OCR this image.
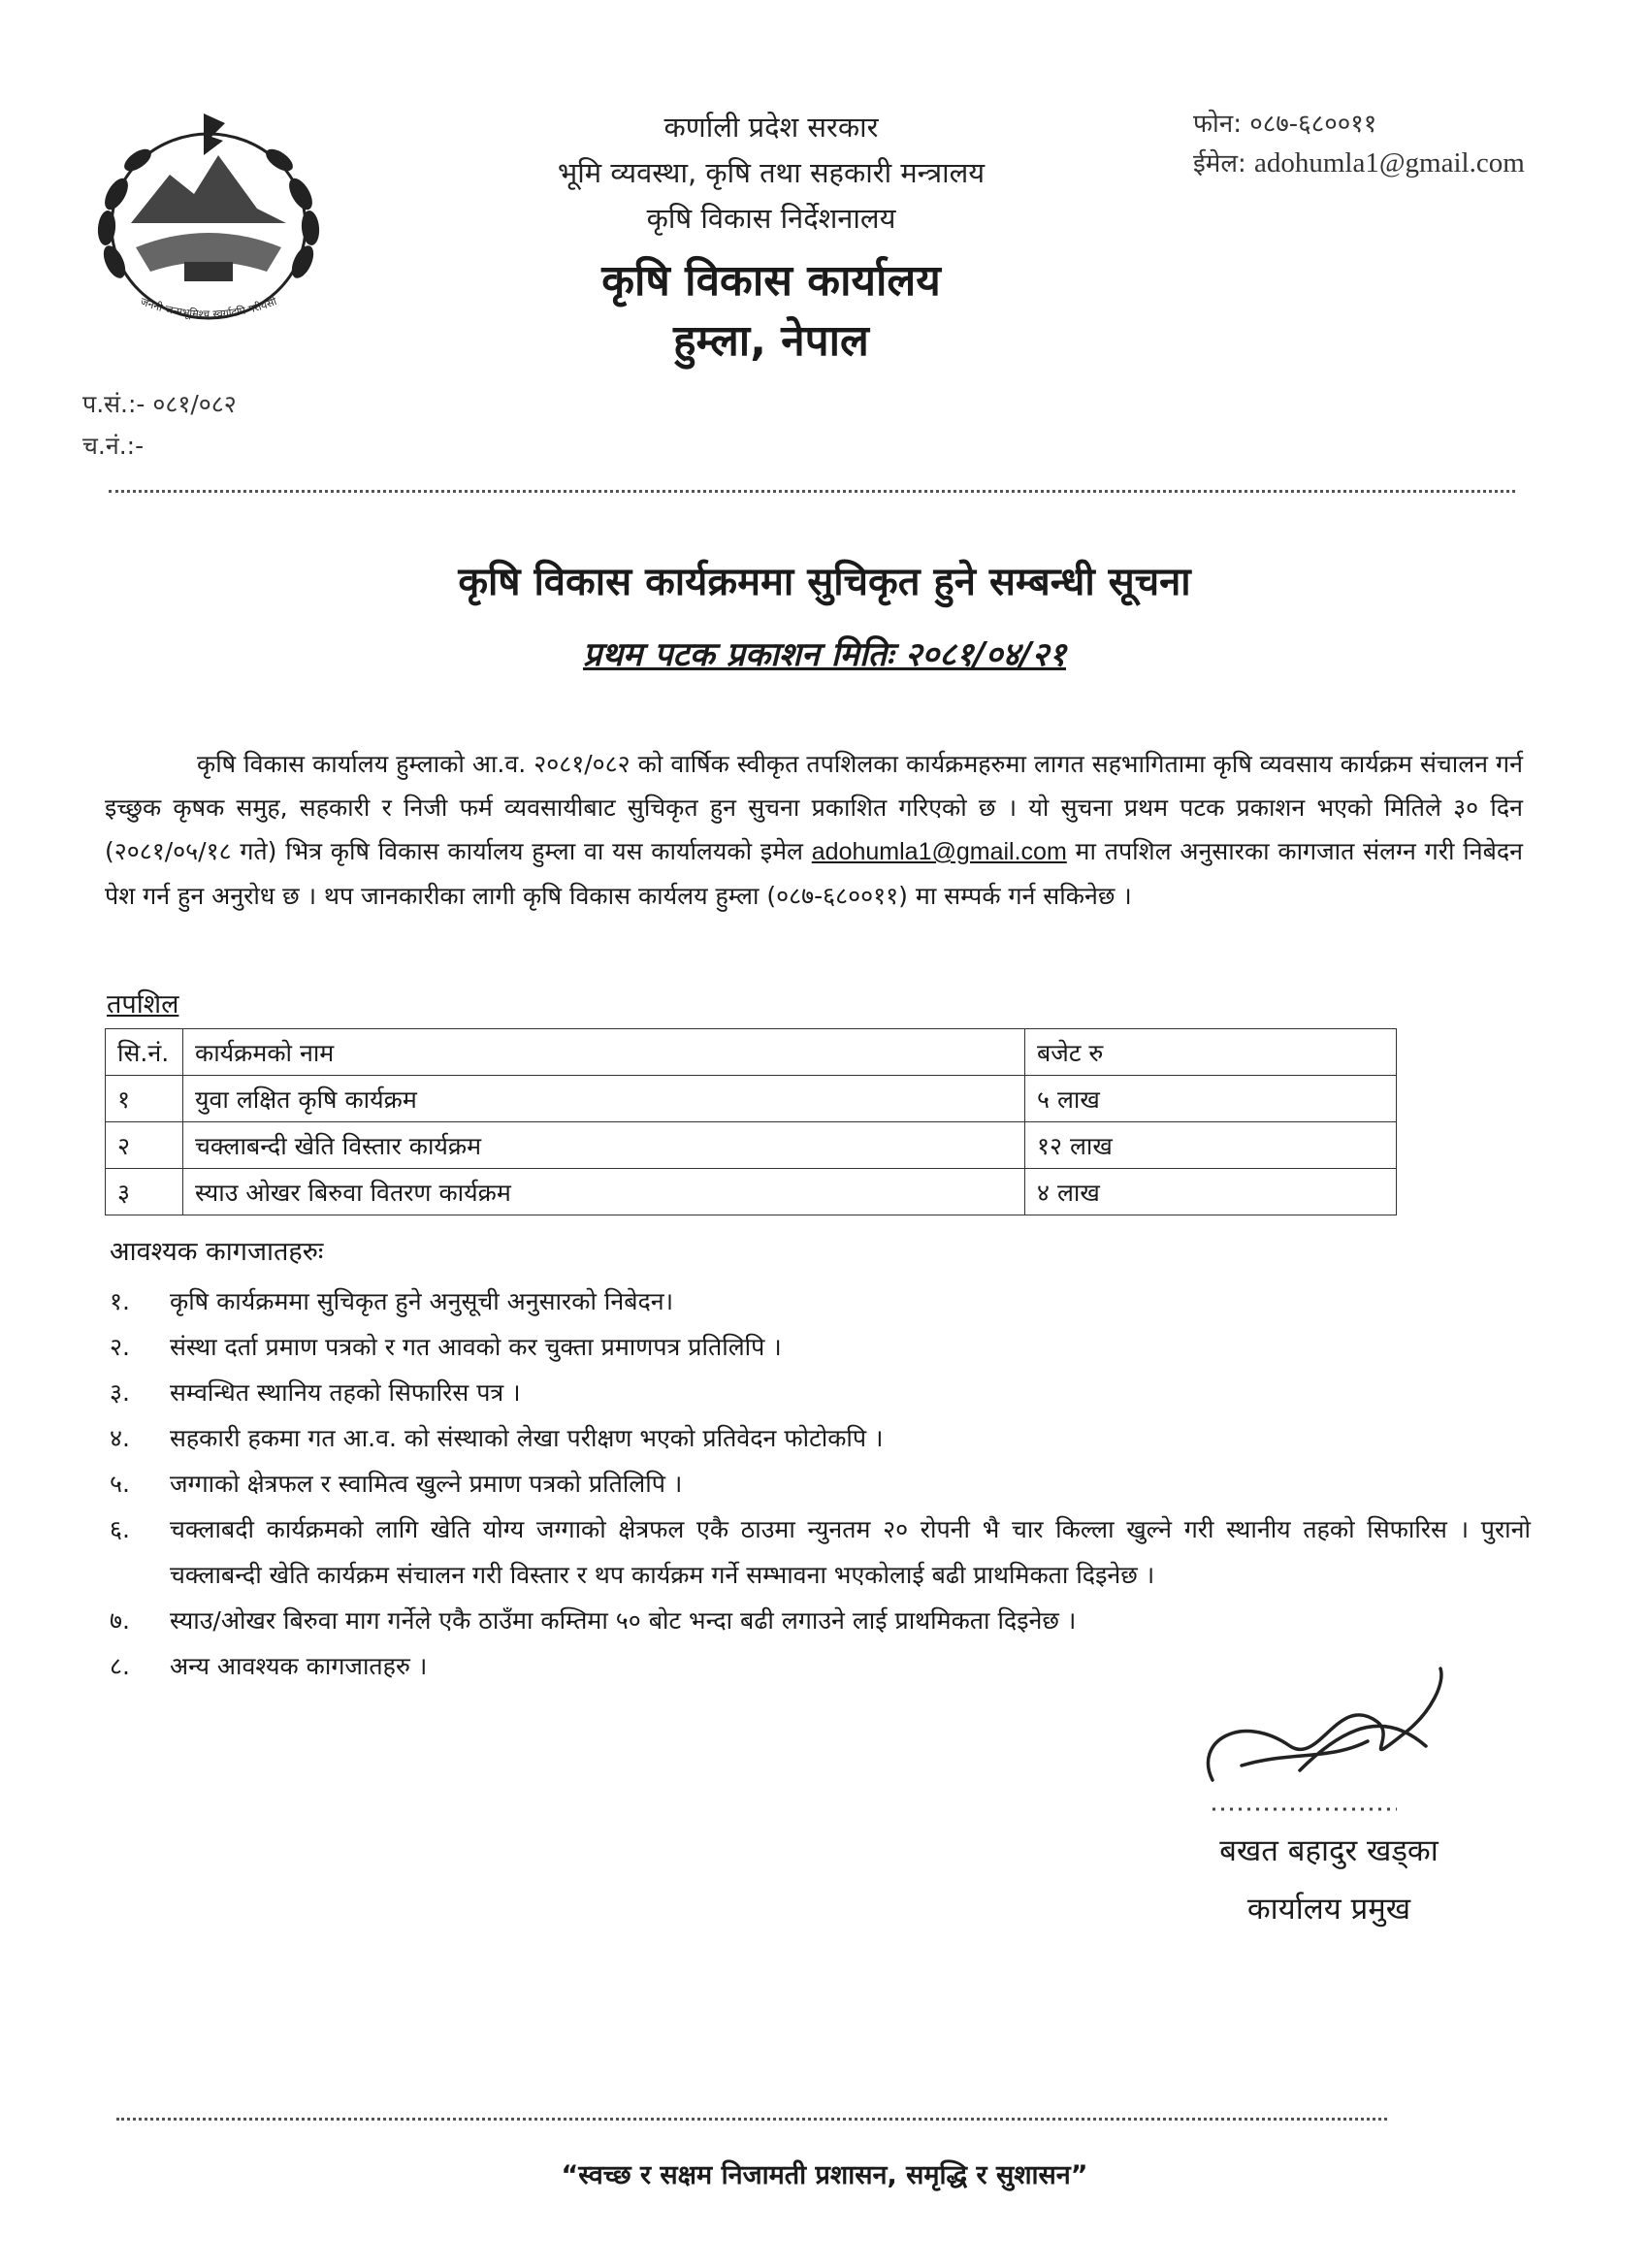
जननी जन्मभूमिश्च स्वर्गादपि गरीयसी
कर्णाली प्रदेश सरकार
भूमि व्यवस्था, कृषि तथा सहकारी मन्त्रालय
कृषि विकास निर्देशनालय
कृषि विकास कार्यालय
हुम्ला, नेपाल
फोन: ०८७-६८००११
ईमेल: adohumla1@gmail.com
प.सं.:- ०८१/०८२
च.नं.:-
कृषि विकास कार्यक्रममा सुचिकृत हुने सम्बन्धी सूचना
प्रथम पटक प्रकाशन मितिः २०८१/०४/२१

कृषि विकास कार्यालय हुम्लाको आ.व. २०८१/०८२ को वार्षिक स्वीकृत तपशिलका कार्यक्रमहरुमा लागत सहभागितामा कृषि व्यवसाय कार्यक्रम संचालन गर्न इच्छुक कृषक समुह, सहकारी र निजी फर्म व्यवसायीबाट सुचिकृत हुन सुचना प्रकाशित गरिएको छ । यो सुचना प्रथम पटक प्रकाशन भएको मितिले ३० दिन (२०८१/०५/१८ गते) भित्र कृषि विकास कार्यालय हुम्ला वा यस कार्यालयको इमेल adohumla1@gmail.com मा तपशिल अनुसारका कागजात संलग्न गरी निबेदन पेश गर्न हुन अनुरोध छ । थप जानकारीका लागी कृषि विकास कार्यलय हुम्ला (०८७-६८००११) मा सम्पर्क गर्न सकिनेछ ।

तपशिल
सि.नं.	कार्यक्रमको नाम	बजेट रु
१	युवा लक्षित कृषि कार्यक्रम	५ लाख
२	चक्लाबन्दी खेति विस्तार कार्यक्रम	१२ लाख
३	स्याउ ओखर बिरुवा वितरण कार्यक्रम	४ लाख
आवश्यक कागजातहरुः
१.	कृषि कार्यक्रममा सुचिकृत हुने अनुसूची अनुसारको निबेदन।
२.	संस्था दर्ता प्रमाण पत्रको र गत आवको कर चुक्ता प्रमाणपत्र प्रतिलिपि ।
३.	सम्वन्धित स्थानिय तहको सिफारिस पत्र ।
४.	सहकारी हकमा गत आ.व. को संस्थाको लेखा परीक्षण भएको प्रतिवेदन फोटोकपि ।
५.	जग्गाको क्षेत्रफल र स्वामित्व खुल्ने प्रमाण पत्रको प्रतिलिपि ।
६.	चक्लाबदी कार्यक्रमको लागि खेति योग्य जग्गाको क्षेत्रफल एकै ठाउमा न्युनतम २० रोपनी भै चार किल्ला खुल्ने गरी स्थानीय तहको सिफारिस । पुरानो चक्लाबन्दी खेति कार्यक्रम संचालन गरी विस्तार र थप कार्यक्रम गर्ने सम्भावना भएकोलाई बढी प्राथमिकता दिइनेछ ।
७.	स्याउ/ओखर बिरुवा माग गर्नेले एकै ठाउँमा कम्तिमा ५० बोट भन्दा बढी लगाउने लाई प्राथमिकता दिइनेछ ।
८.	अन्य आवश्यक कागजातहरु ।
बखत बहादुर खड्का
कार्यालय प्रमुख
“स्वच्छ र सक्षम निजामती प्रशासन, समृद्धि र सुशासन”
